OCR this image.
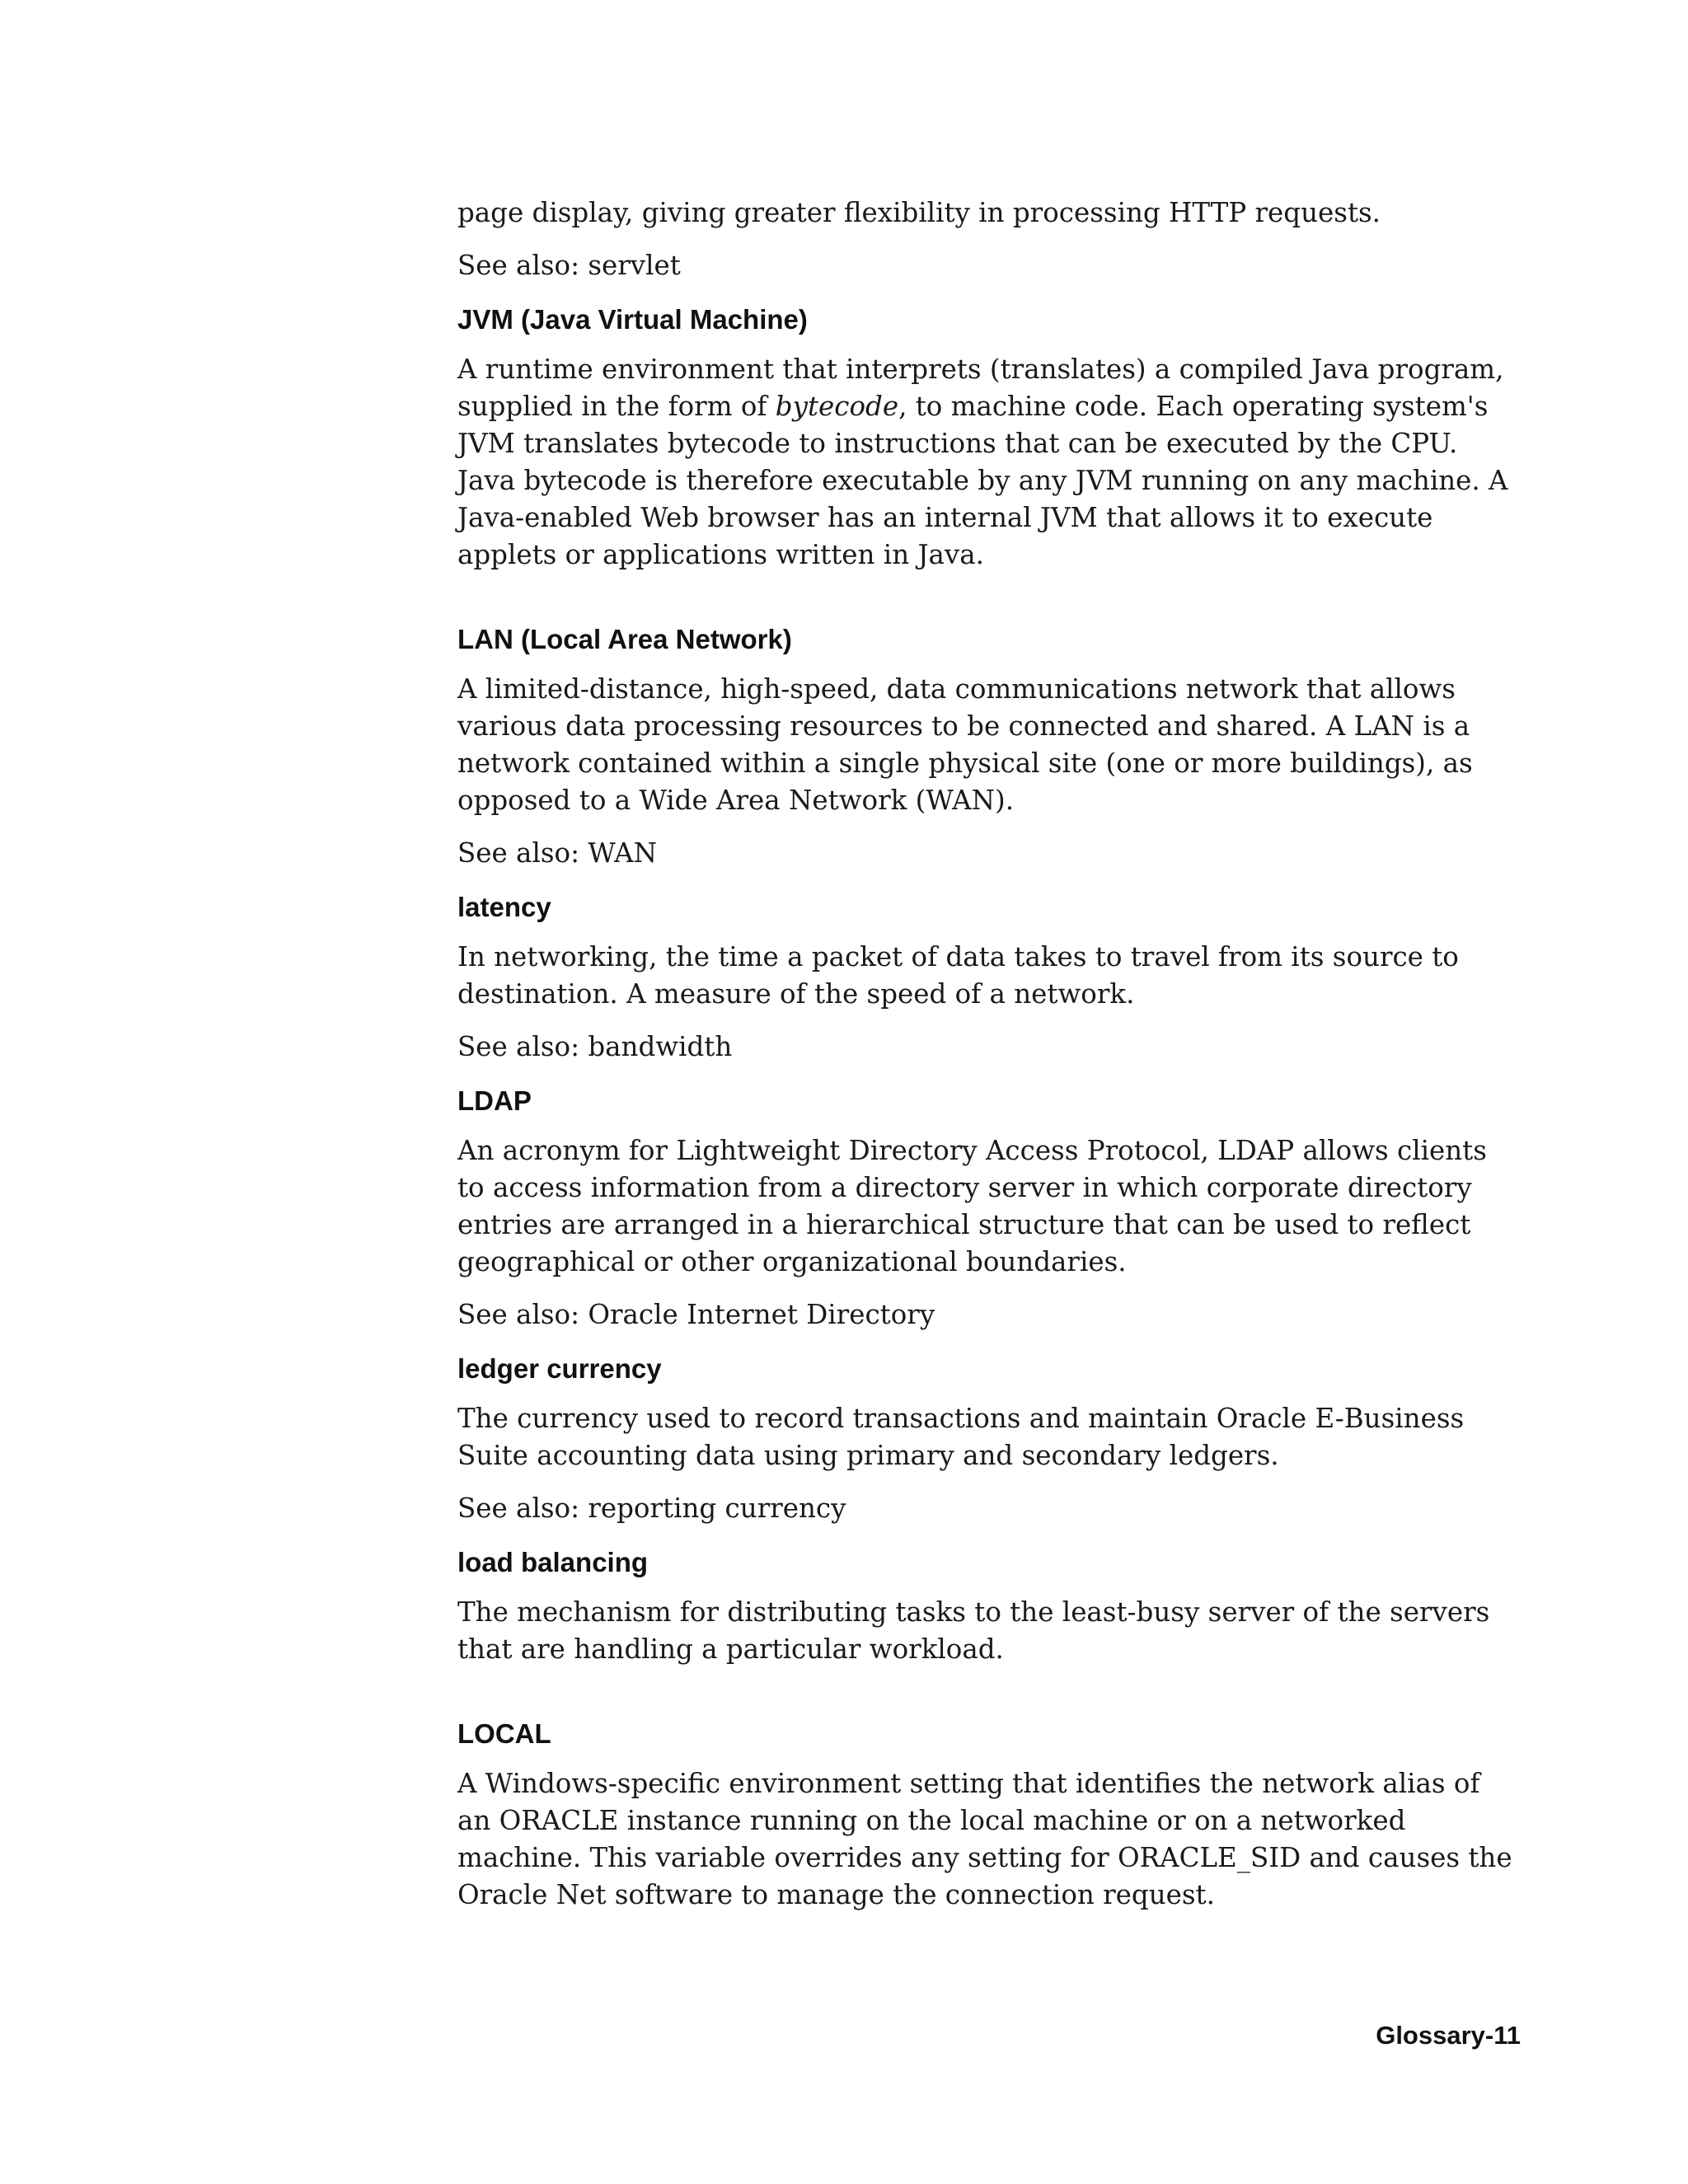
page display, giving greater flexibility in processing HTTP requests.

See also: servlet

JVM (Java Virtual Machine)

A runtime environment that interprets (translates) a compiled Java program, supplied in the form of bytecode, to machine code. Each operating system's JVM translates bytecode to instructions that can be executed by the CPU. Java bytecode is therefore executable by any JVM running on any machine. A Java-enabled Web browser has an internal JVM that allows it to execute applets or applications written in Java.

LAN (Local Area Network)

A limited-distance, high-speed, data communications network that allows various data processing resources to be connected and shared. A LAN is a network contained within a single physical site (one or more buildings), as opposed to a Wide Area Network (WAN).

See also: WAN

latency

In networking, the time a packet of data takes to travel from its source to destination. A measure of the speed of a network.

See also: bandwidth

LDAP

An acronym for Lightweight Directory Access Protocol, LDAP allows clients to access information from a directory server in which corporate directory entries are arranged in a hierarchical structure that can be used to reflect geographical or other organizational boundaries.

See also: Oracle Internet Directory

ledger currency

The currency used to record transactions and maintain Oracle E-Business Suite accounting data using primary and secondary ledgers.

See also: reporting currency

load balancing

The mechanism for distributing tasks to the least-busy server of the servers that are handling a particular workload.

LOCAL

A Windows-specific environment setting that identifies the network alias of an ORACLE instance running on the local machine or on a networked machine. This variable overrides any setting for ORACLE_SID and causes the Oracle Net software to manage the connection request.

Glossary-11
